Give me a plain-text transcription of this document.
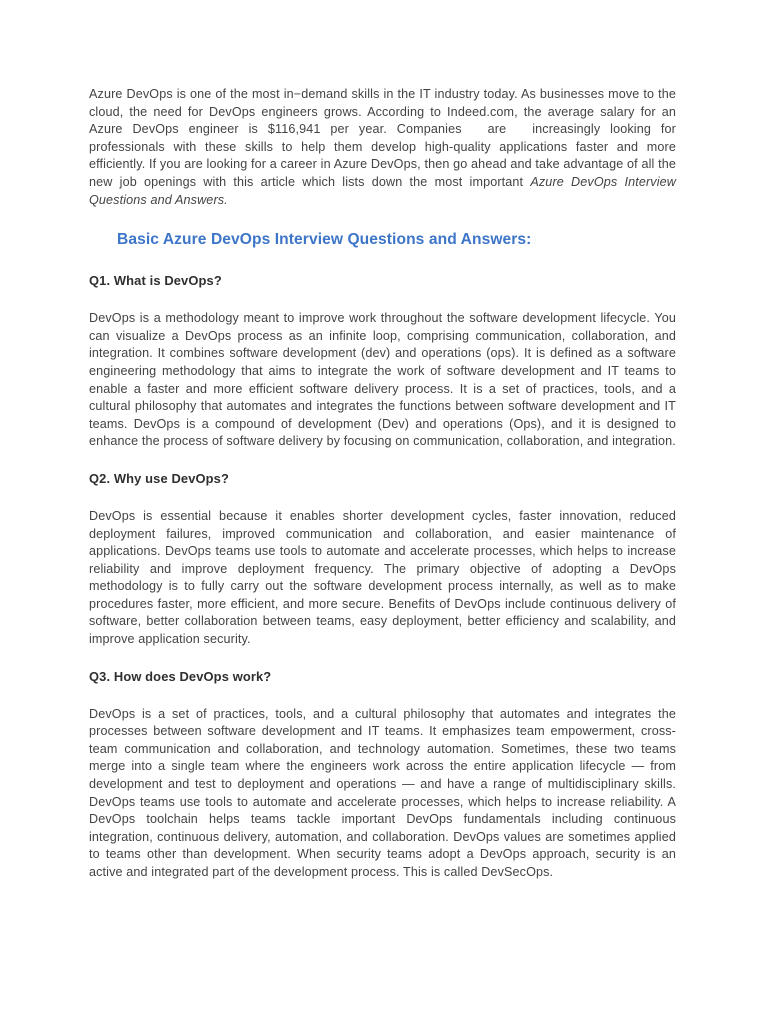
Azure DevOps is one of the most in−demand skills in the IT industry today. As businesses move to the cloud, the need for DevOps engineers grows. According to Indeed.com, the average salary for an Azure DevOps engineer is $116,941 per year. Companies are increasingly looking for professionals with these skills to help them develop high-quality applications faster and more efficiently. If you are looking for a career in Azure DevOps, then go ahead and take advantage of all the new job openings with this article which lists down the most important Azure DevOps Interview Questions and Answers.

Basic Azure DevOps Interview Questions and Answers:
Q1. What is DevOps?

DevOps is a methodology meant to improve work throughout the software development lifecycle. You can visualize a DevOps process as an infinite loop, comprising communication, collaboration, and integration. It combines software development (dev) and operations (ops). It is defined as a software engineering methodology that aims to integrate the work of software development and IT teams to enable a faster and more efficient software delivery process. It is a set of practices, tools, and a cultural philosophy that automates and integrates the functions between software development and IT teams. DevOps is a compound of development (Dev) and operations (Ops), and it is designed to enhance the process of software delivery by focusing on communication, collaboration, and integration.

Q2. Why use DevOps?

DevOps is essential because it enables shorter development cycles, faster innovation, reduced deployment failures, improved communication and collaboration, and easier maintenance of applications. DevOps teams use tools to automate and accelerate processes, which helps to increase reliability and improve deployment frequency. The primary objective of adopting a DevOps methodology is to fully carry out the software development process internally, as well as to make procedures faster, more efficient, and more secure. Benefits of DevOps include continuous delivery of software, better collaboration between teams, easy deployment, better efficiency and scalability, and improve application security.

Q3. How does DevOps work?

DevOps is a set of practices, tools, and a cultural philosophy that automates and integrates the processes between software development and IT teams. It emphasizes team empowerment, cross-team communication and collaboration, and technology automation. Sometimes, these two teams merge into a single team where the engineers work across the entire application lifecycle — from development and test to deployment and operations — and have a range of multidisciplinary skills. DevOps teams use tools to automate and accelerate processes, which helps to increase reliability. A DevOps toolchain helps teams tackle important DevOps fundamentals including continuous integration, continuous delivery, automation, and collaboration. DevOps values are sometimes applied to teams other than development. When security teams adopt a DevOps approach, security is an active and integrated part of the development process. This is called DevSecOps.
